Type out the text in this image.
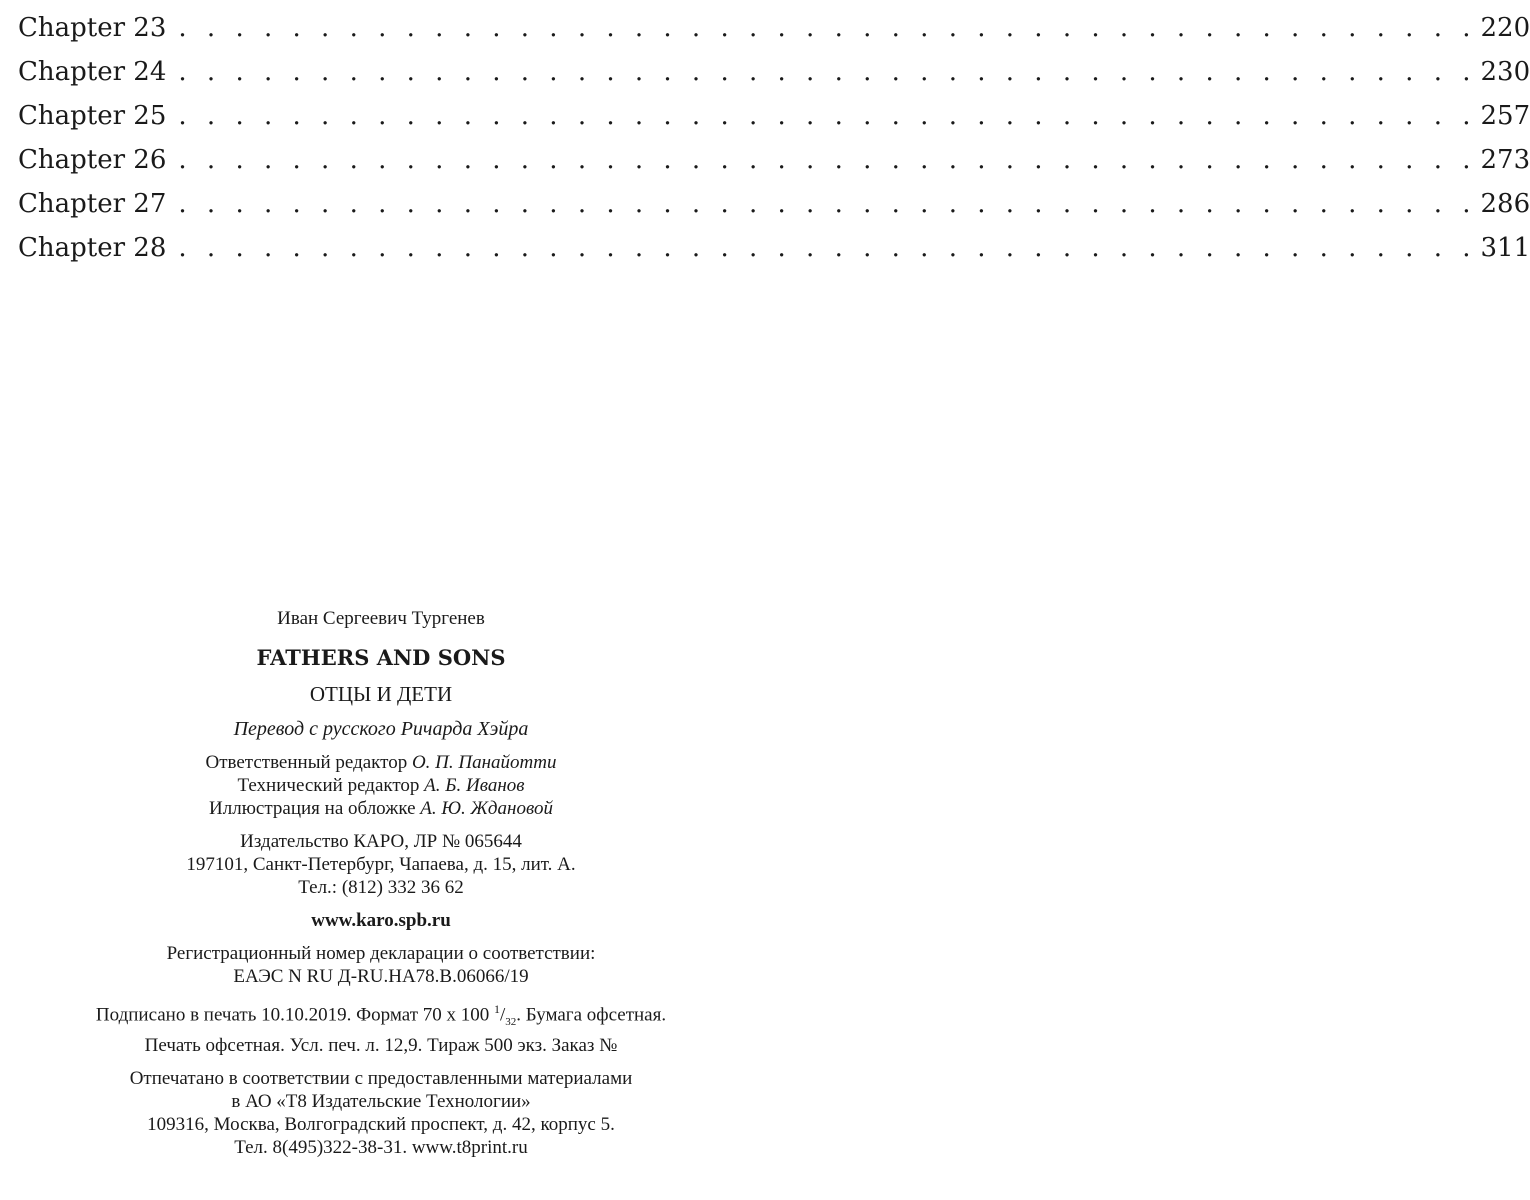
Chapter 23 . . . . . . . . . . . . . . . . . . . . . . . . . . . . . . . . . . . . . . . . . . . . . . 220
Chapter 24 . . . . . . . . . . . . . . . . . . . . . . . . . . . . . . . . . . . . . . . . . . . . . . 230
Chapter 25 . . . . . . . . . . . . . . . . . . . . . . . . . . . . . . . . . . . . . . . . . . . . . . 257
Chapter 26 . . . . . . . . . . . . . . . . . . . . . . . . . . . . . . . . . . . . . . . . . . . . . . 273
Chapter 27 . . . . . . . . . . . . . . . . . . . . . . . . . . . . . . . . . . . . . . . . . . . . . . 286
Chapter 28 . . . . . . . . . . . . . . . . . . . . . . . . . . . . . . . . . . . . . . . . . . . . . . 311
Иван Сергеевич Тургенев
FATHERS AND SONS
ОТЦЫ И ДЕТИ
Перевод с русского Ричарда Хэйра
Ответственный редактор О. П. Панайотти
Технический редактор А. Б. Иванов
Иллюстрация на обложке А. Ю. Ждановой
Издательство КАРО, ЛР № 065644
197101, Санкт-Петербург, Чапаева, д. 15, лит. А.
Тел.: (812) 332 36 62
www.karo.spb.ru
Регистрационный номер декларации о соответствии:
ЕАЭС N RU Д-RU.НА78.В.06066/19
Подписано в печать 10.10.2019. Формат 70 х 100 $^1/_{32}$. Бумага офсетная.
Печать офсетная. Усл. печ. л. 12,9. Тираж 500 экз. Заказ №
Отпечатано в соответствии с предоставленными материалами
в АО «Т8 Издательские Технологии»
109316, Москва, Волгоградский проспект, д. 42, корпус 5.
Тел. 8(495)322-38-31. www.t8print.ru
